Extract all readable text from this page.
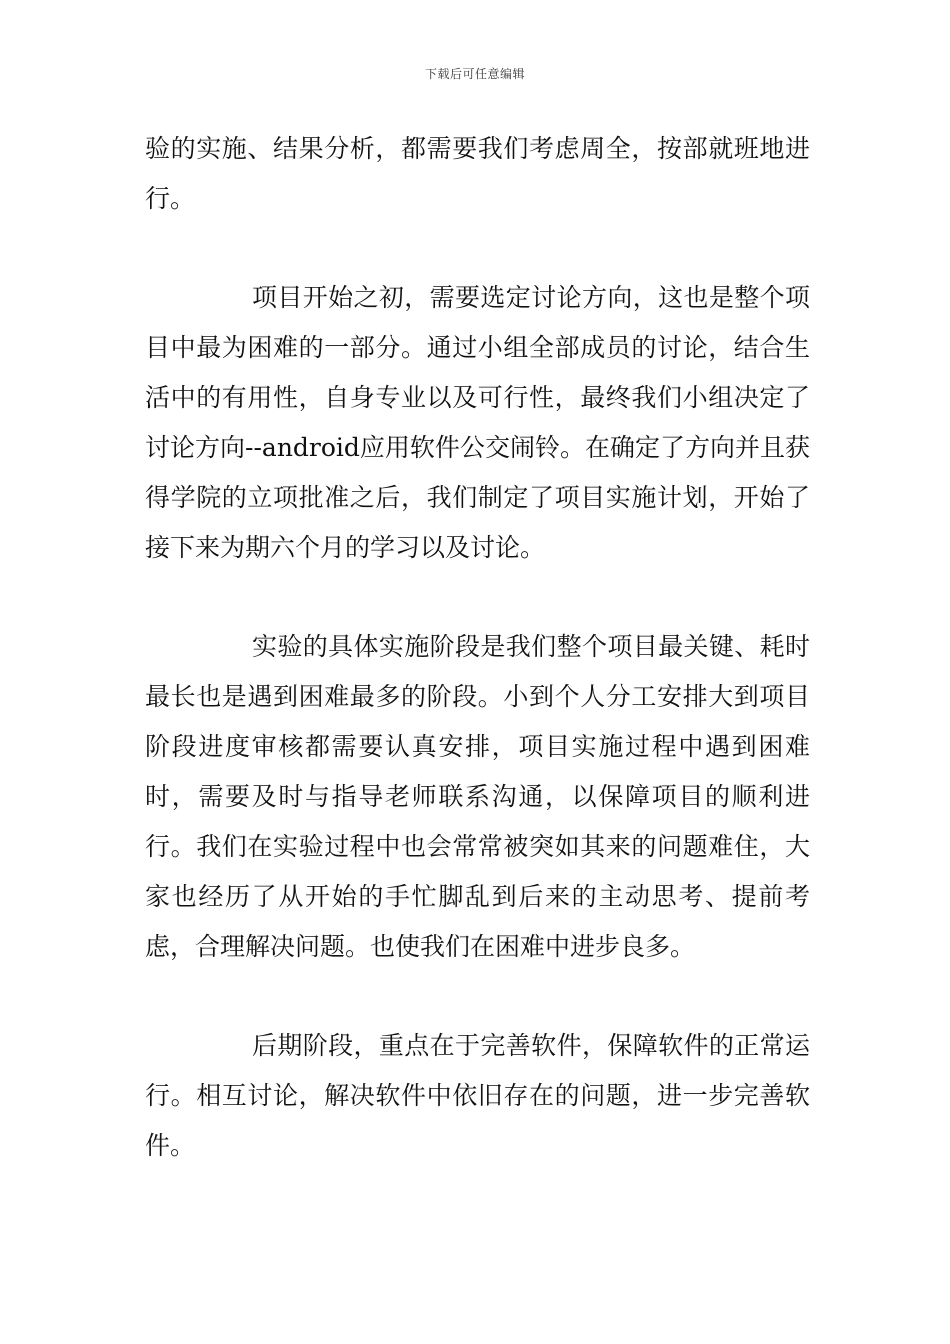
下载后可任意编辑

验的实施、结果分析，都需要我们考虑周全，按部就班地进行。

项目开始之初，需要选定讨论方向，这也是整个项目中最为困难的一部分。通过小组全部成员的讨论，结合生活中的有用性，自身专业以及可行性，最终我们小组决定了讨论方向--android应用软件公交闹铃。在确定了方向并且获得学院的立项批准之后，我们制定了项目实施计划，开始了接下来为期六个月的学习以及讨论。

实验的具体实施阶段是我们整个项目最关键、耗时最长也是遇到困难最多的阶段。小到个人分工安排大到项目阶段进度审核都需要认真安排，项目实施过程中遇到困难时，需要及时与指导老师联系沟通，以保障项目的顺利进行。我们在实验过程中也会常常被突如其来的问题难住，大家也经历了从开始的手忙脚乱到后来的主动思考、提前考虑，合理解决问题。也使我们在困难中进步良多。

后期阶段，重点在于完善软件，保障软件的正常运行。相互讨论，解决软件中依旧存在的问题，进一步完善软件。
